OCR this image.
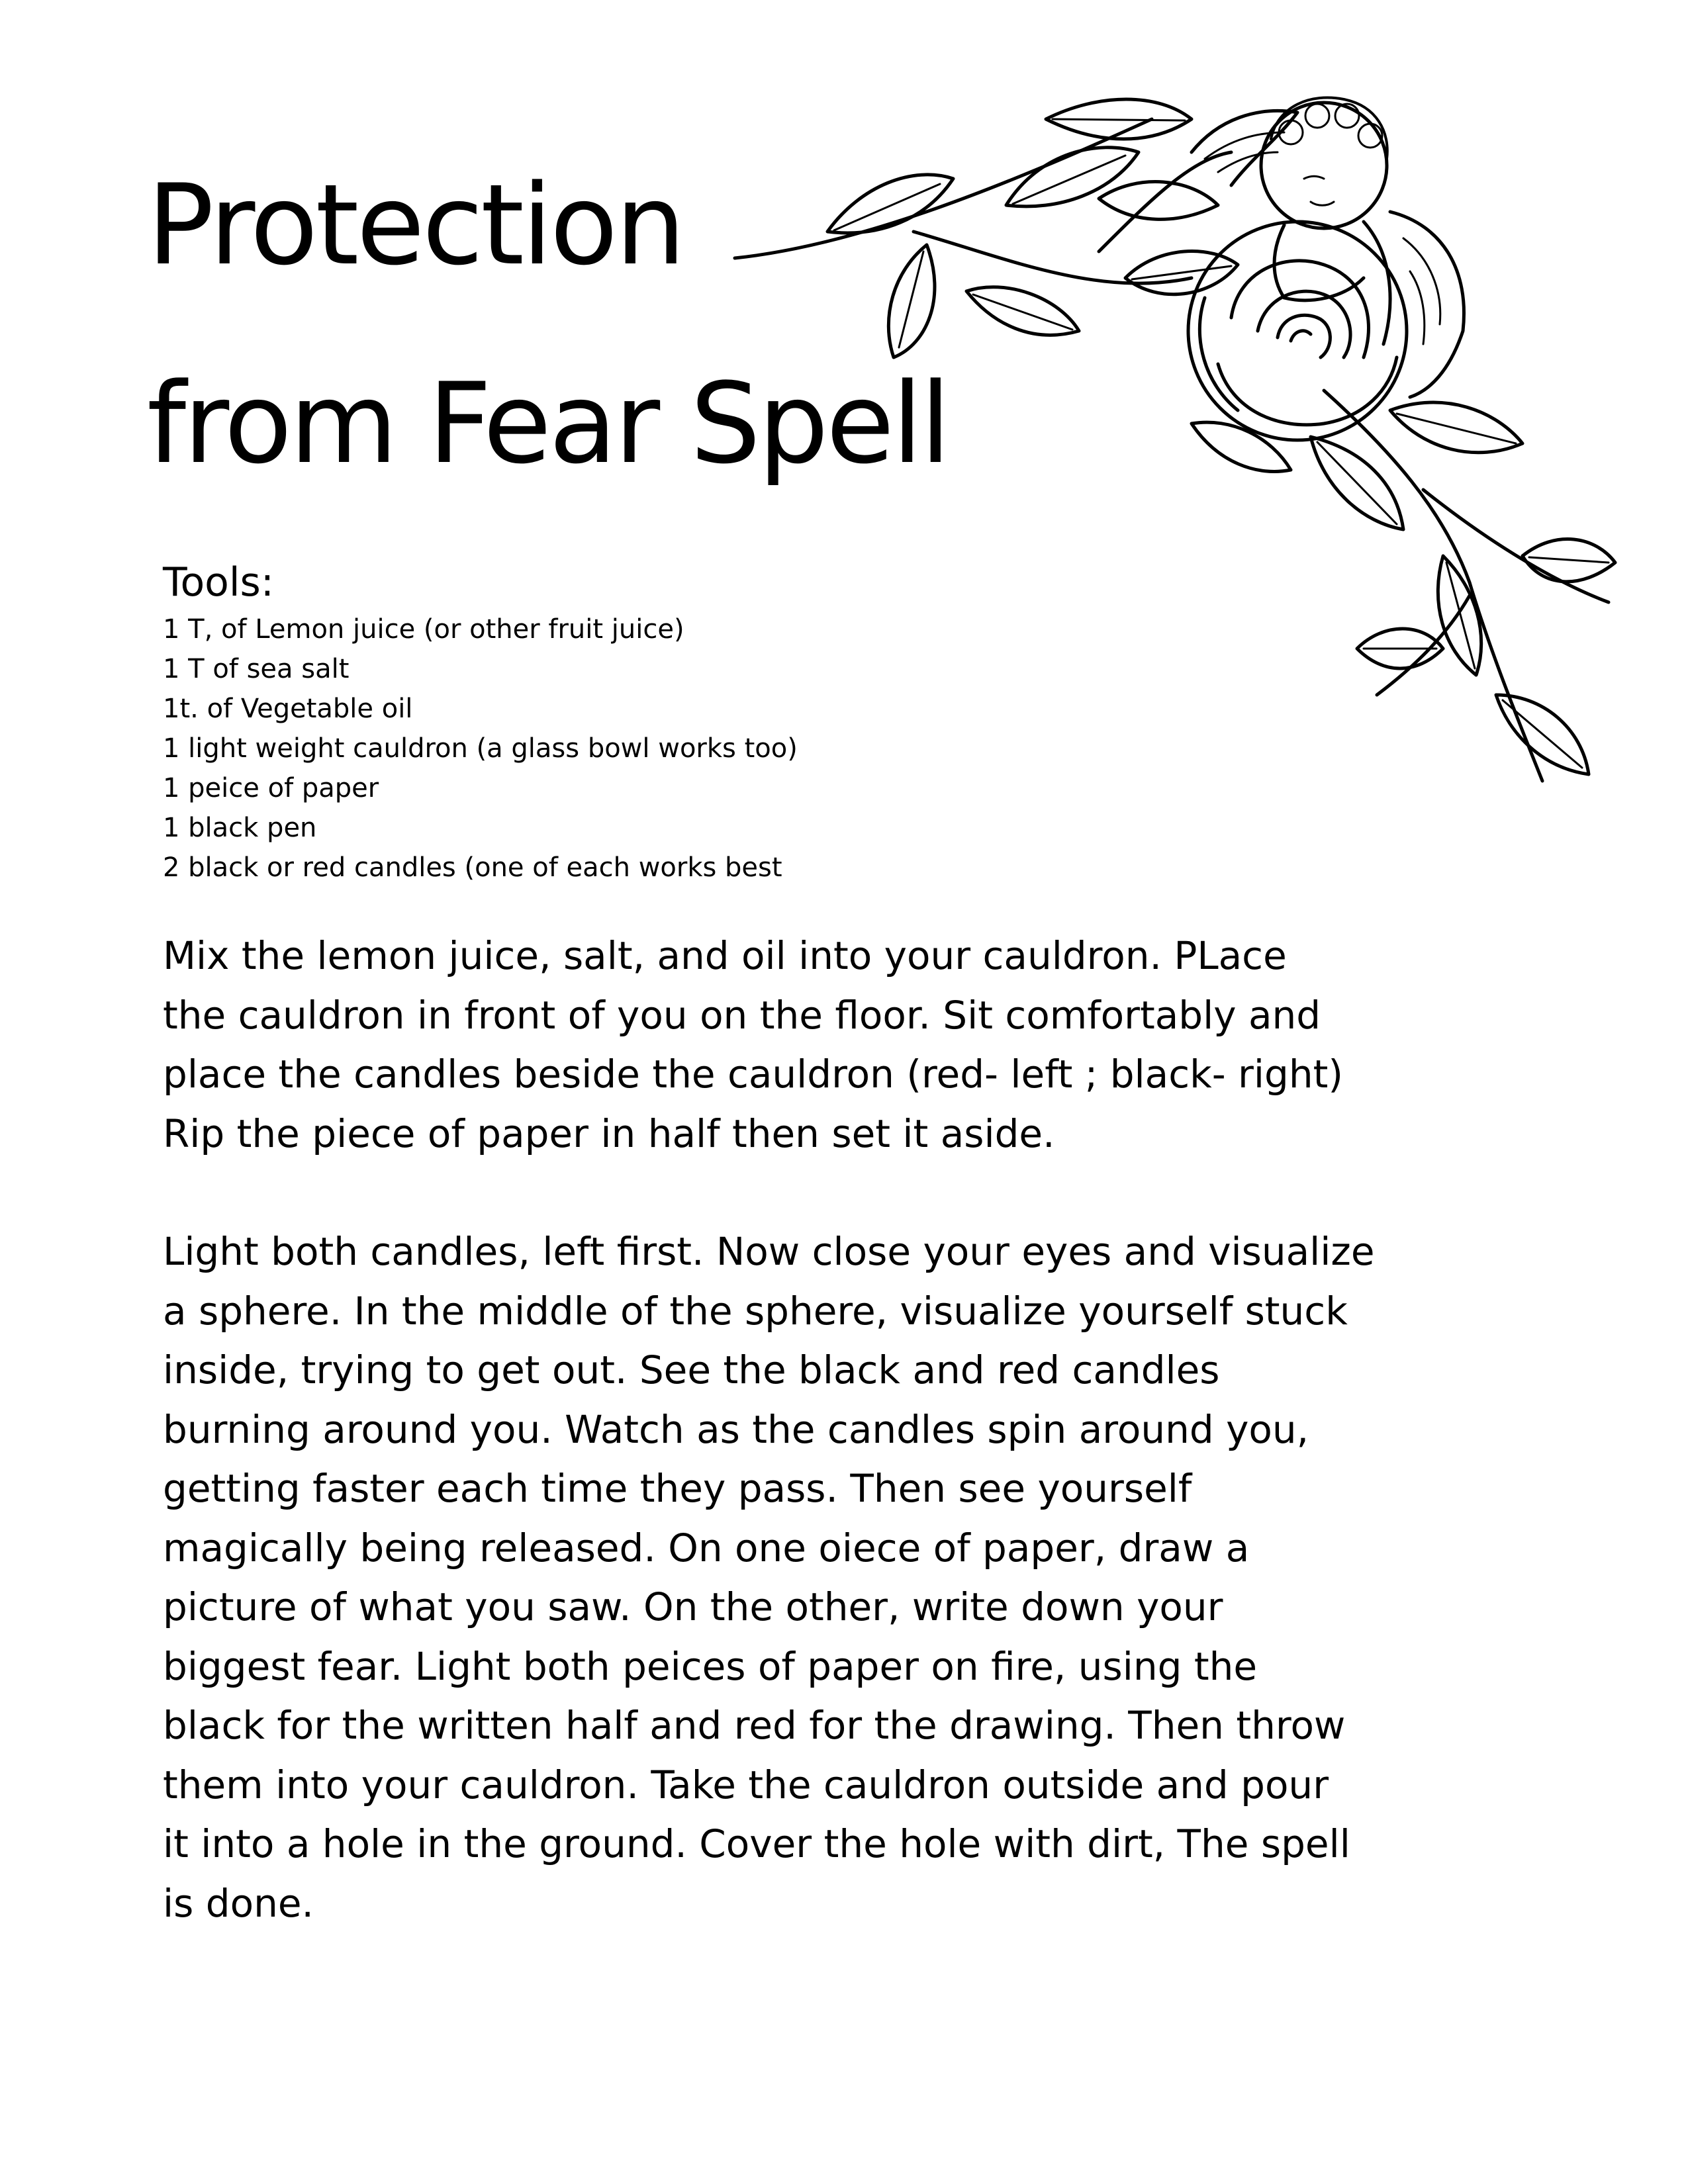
Protection
from Fear Spell
Tools:
1 T, of Lemon juice (or other fruit juice)
1 T of sea salt
1t. of Vegetable oil
1 light weight cauldron (a glass bowl works too)
1 peice of paper
1 black pen
2 black or red candles (one of each works best

Mix the lemon juice, salt, and oil into your cauldron. PLace
the cauldron in front of you on the floor. Sit comfortably and
place the candles beside the cauldron (red- left ; black- right)
Rip the piece of paper in half then set it aside.

Light both candles, left first. Now close your eyes and visualize
a sphere. In the middle of the sphere, visualize yourself stuck
inside, trying to get out. See the black and red candles
burning around you. Watch as the candles spin around you,
getting faster each time they pass. Then see yourself
magically being released. On one oiece of paper, draw a
picture of what you saw. On the other, write down your
biggest fear. Light both peices of paper on fire, using the
black for the written half and red for the drawing. Then throw
them into your cauldron. Take the cauldron outside and pour
it into a hole in the ground. Cover the hole with dirt, The spell
is done.
